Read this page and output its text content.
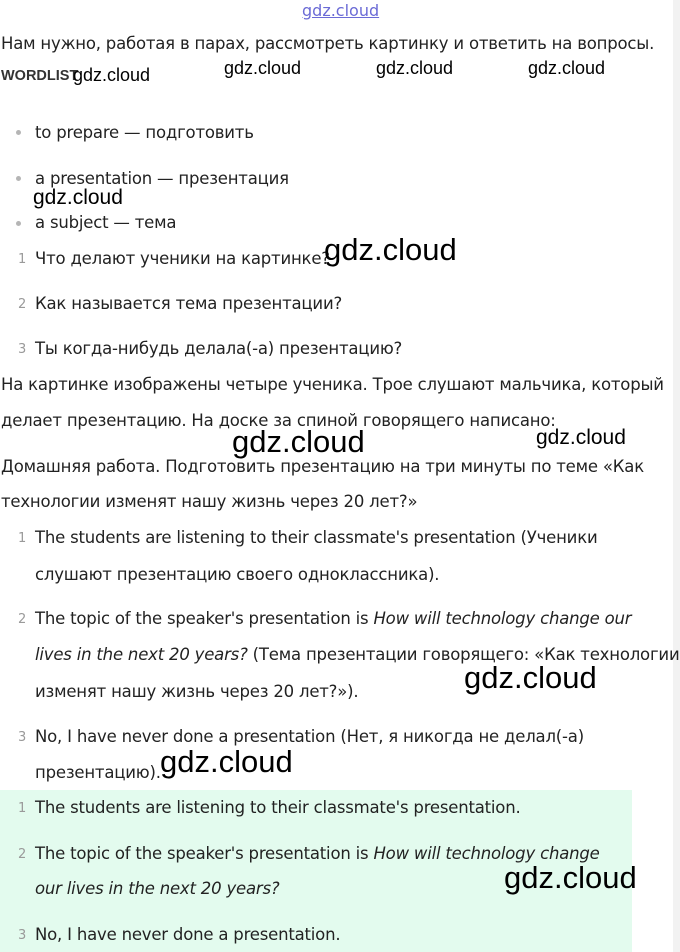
gdz.cloud
Нам нужно, работая в парах, рассмотреть картинку и ответить на вопросы.
WORDLIST
gdz.cloud	gdz.cloud	gdz.cloud	gdz.cloud
to prepare — подготовить
a presentation — презентация
gdz.cloud
a subject — тема
1 Что делают ученики на картинке?
gdz.cloud
2 Как называется тема презентации?
3 Ты когда-нибудь делала(-а) презентацию?
На картинке изображены четыре ученика. Трое слушают мальчика, который
делает презентацию. На доске за спиной говорящего написано:
gdz.cloud	gdz.cloud
Домашняя работа. Подготовить презентацию на три минуты по теме «Как
технологии изменят нашу жизнь через 20 лет?»
1 The students are listening to their classmate's presentation (Ученики
слушают презентацию своего одноклассника).
2 The topic of the speaker's presentation is How will technology change our
lives in the next 20 years? (Тема презентации говорящего: «Как технологии
изменят нашу жизнь через 20 лет?»).	gdz.cloud
3 No, I have never done a presentation (Нет, я никогда не делал(-а)
презентацию). gdz.cloud
1 The students are listening to their classmate's presentation.
2 The topic of the speaker's presentation is How will technology change
our lives in the next 20 years?	gdz.cloud
3 No, I have never done a presentation.
